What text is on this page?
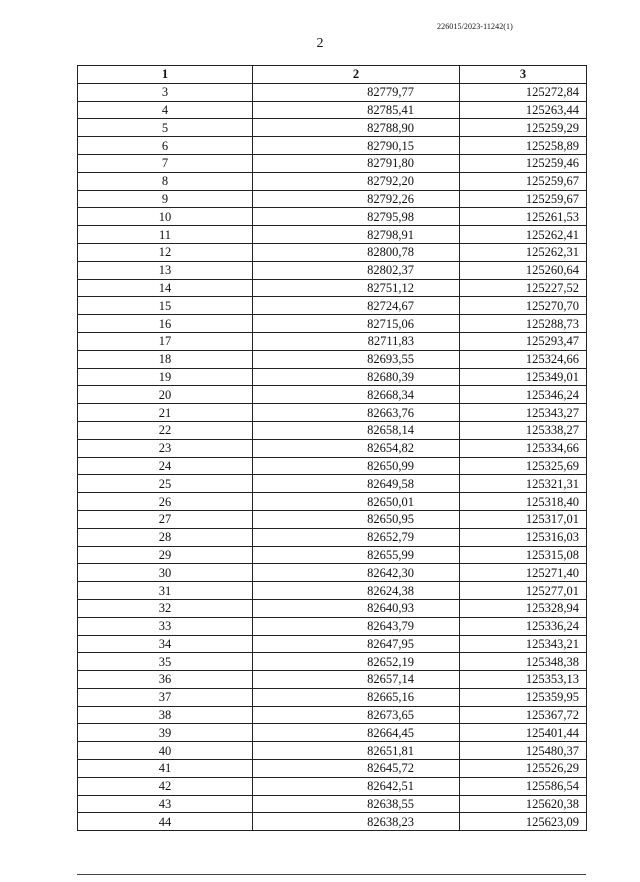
226015/2023-11242(1)
2
1	2	3
3	82779,77	125272,84
4	82785,41	125263,44
5	82788,90	125259,29
6	82790,15	125258,89
7	82791,80	125259,46
8	82792,20	125259,67
9	82792,26	125259,67
10	82795,98	125261,53
11	82798,91	125262,41
12	82800,78	125262,31
13	82802,37	125260,64
14	82751,12	125227,52
15	82724,67	125270,70
16	82715,06	125288,73
17	82711,83	125293,47
18	82693,55	125324,66
19	82680,39	125349,01
20	82668,34	125346,24
21	82663,76	125343,27
22	82658,14	125338,27
23	82654,82	125334,66
24	82650,99	125325,69
25	82649,58	125321,31
26	82650,01	125318,40
27	82650,95	125317,01
28	82652,79	125316,03
29	82655,99	125315,08
30	82642,30	125271,40
31	82624,38	125277,01
32	82640,93	125328,94
33	82643,79	125336,24
34	82647,95	125343,21
35	82652,19	125348,38
36	82657,14	125353,13
37	82665,16	125359,95
38	82673,65	125367,72
39	82664,45	125401,44
40	82651,81	125480,37
41	82645,72	125526,29
42	82642,51	125586,54
43	82638,55	125620,38
44	82638,23	125623,09
